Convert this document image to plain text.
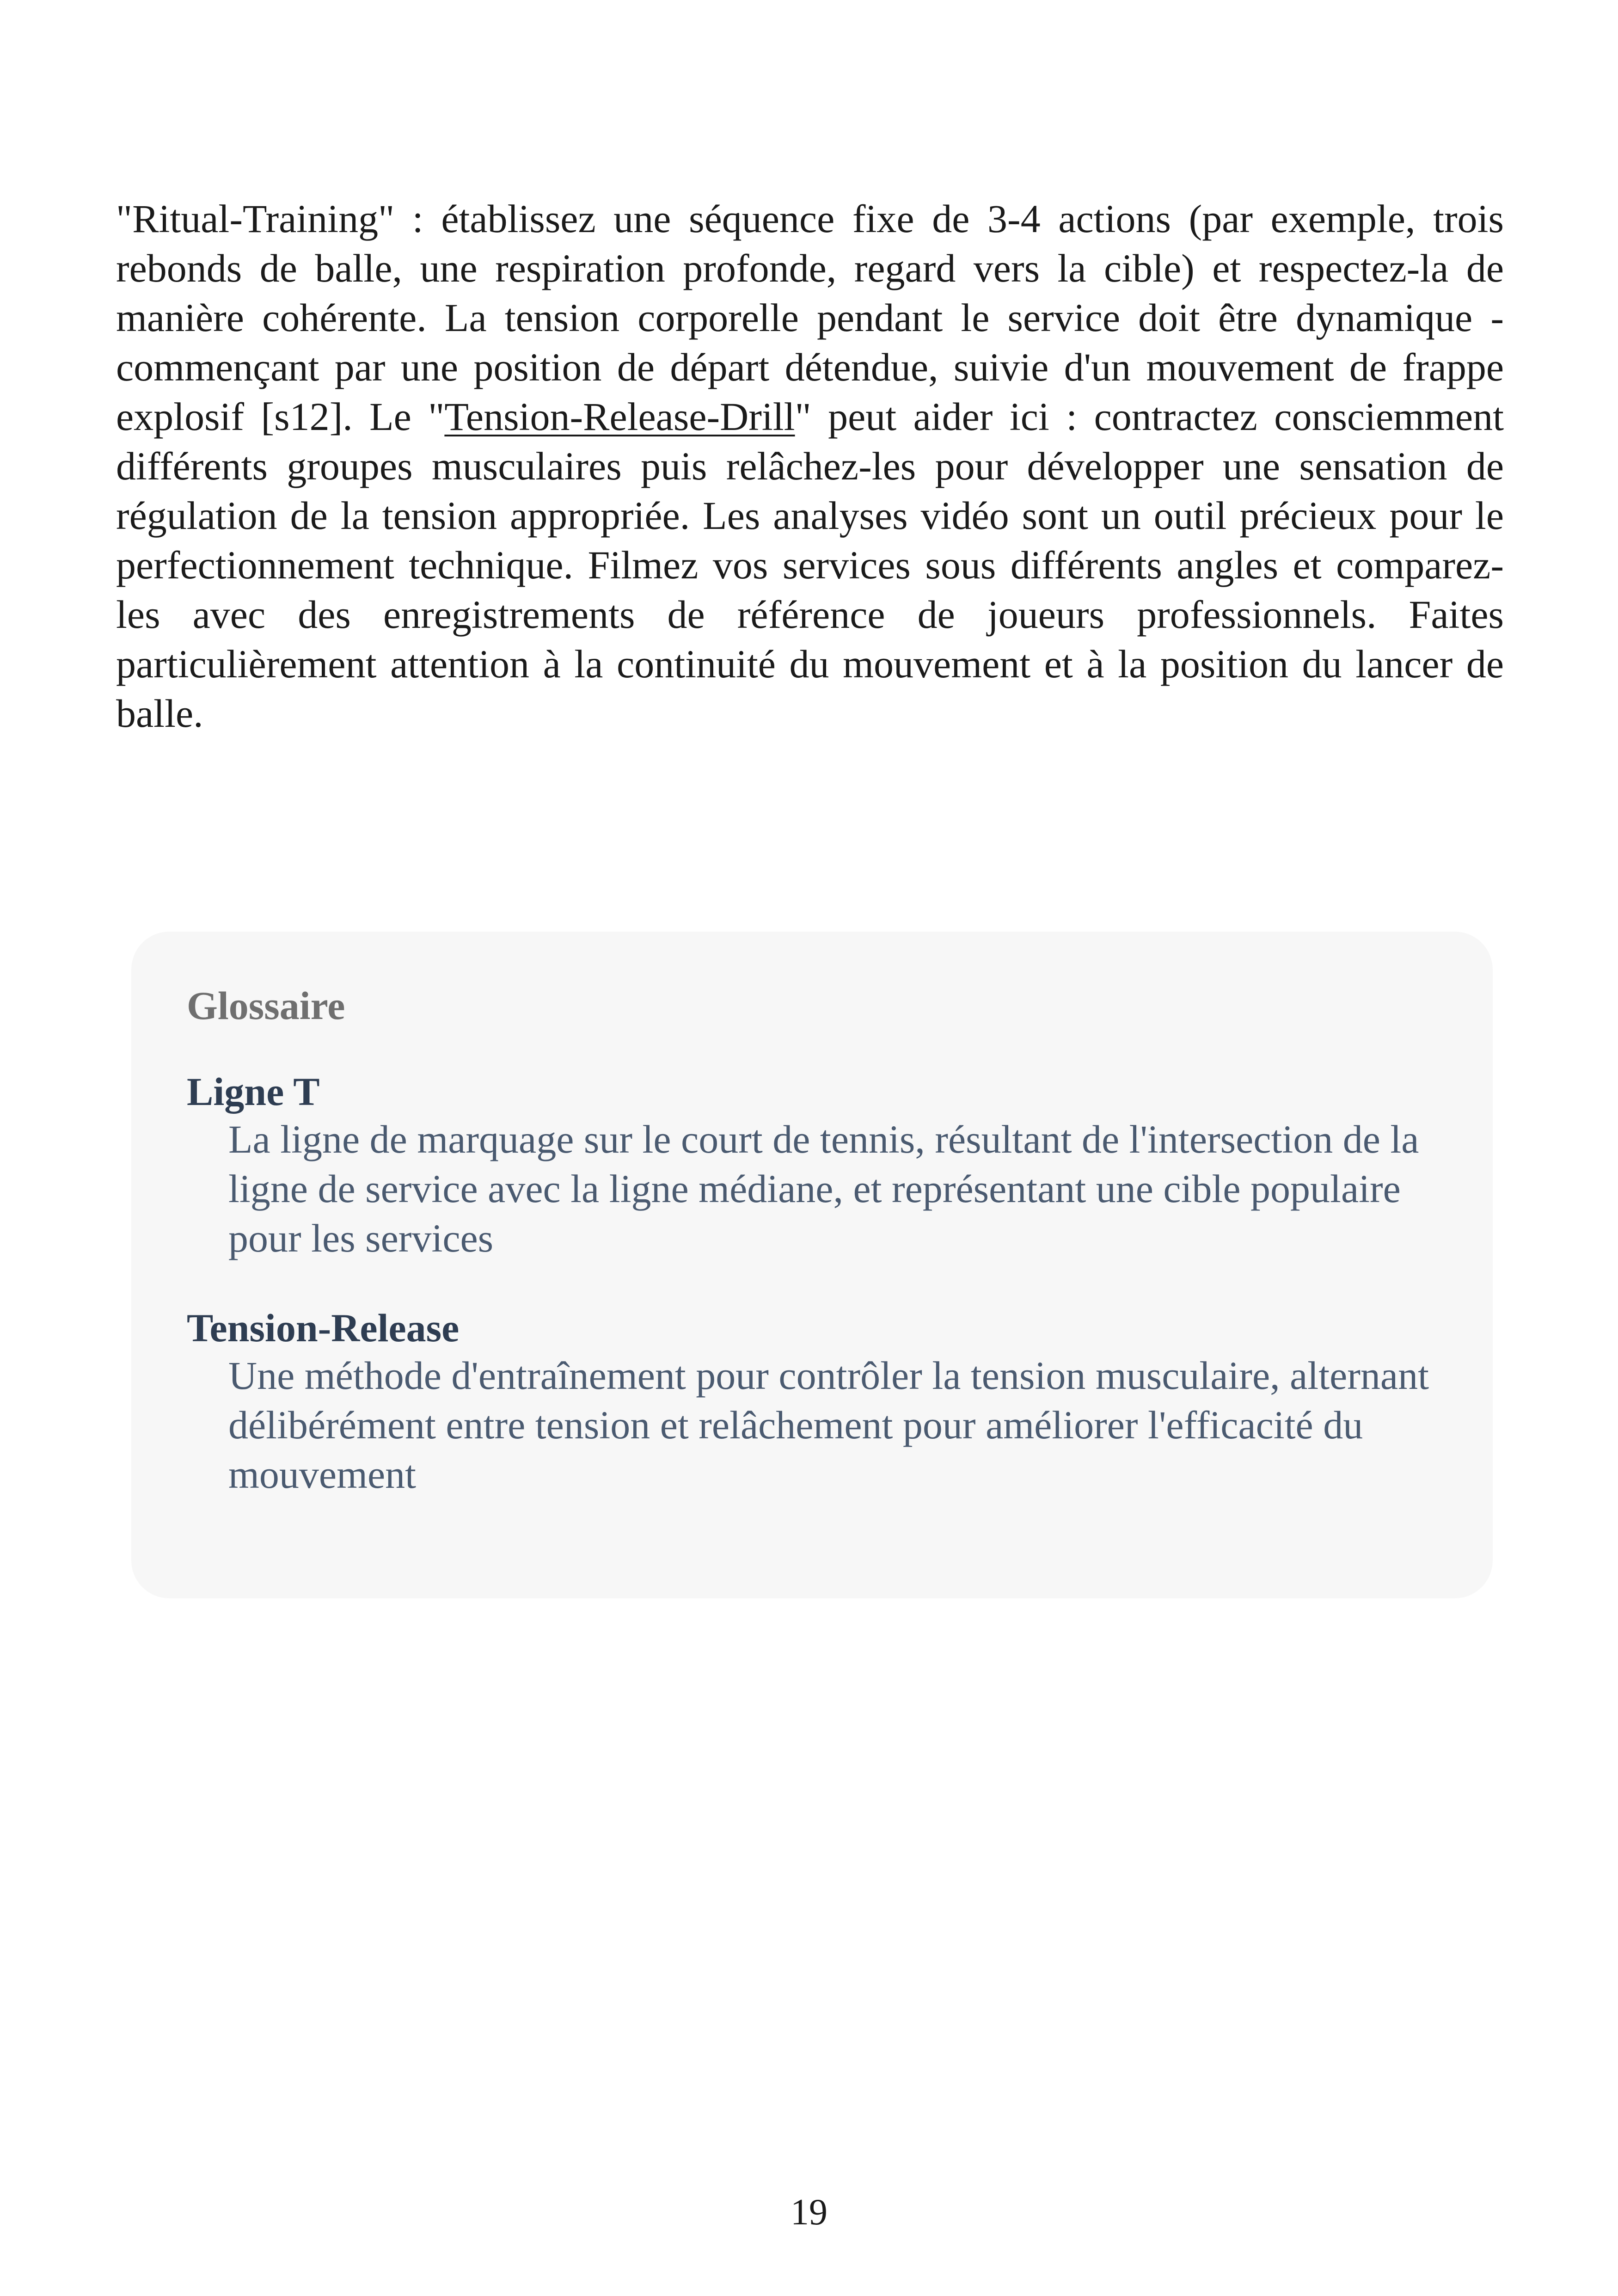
"Ritual-Training" : établissez une séquence fixe de 3-4 actions (par exemple, trois rebonds de balle, une respiration profonde, regard vers la cible) et respectez-la de manière cohérente. La tension corporelle pendant le service doit être dynamique - commençant par une position de départ détendue, suivie d'un mouvement de frappe explosif [s12]. Le "Tension-Release-Drill" peut aider ici : contractez consciemment différents groupes musculaires puis relâchez-les pour développer une sensation de régulation de la tension appropriée. Les analyses vidéo sont un outil précieux pour le perfectionnement technique. Filmez vos services sous différents angles et comparez-les avec des enregistrements de référence de joueurs professionnels. Faites particulièrement attention à la continuité du mouvement et à la position du lancer de balle.

Glossaire
Ligne T
La ligne de marquage sur le court de tennis, résultant de l'intersection de la ligne de service avec la ligne médiane, et représentant une cible populaire pour les services
Tension-Release
Une méthode d'entraînement pour contrôler la tension musculaire, alternant délibérément entre tension et relâchement pour améliorer l'efficacité du mouvement
19
